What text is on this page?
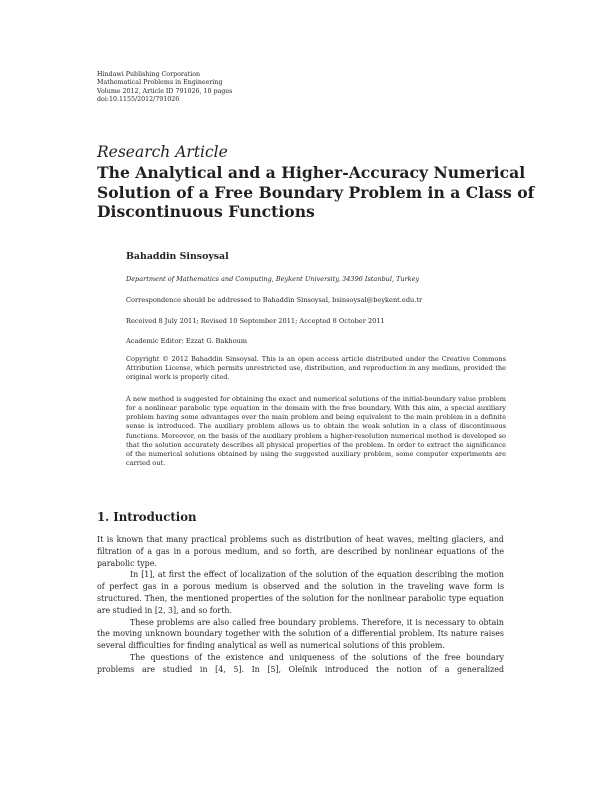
Hindawi Publishing Corporation
Mathematical Problems in Engineering
Volume 2012, Article ID 791026, 10 pages
doi:10.1155/2012/791026
Research Article
The Analytical and a Higher-Accuracy Numerical
Solution of a Free Boundary Problem in a Class of
Discontinuous Functions
Bahaddin Sinsoysal
Department of Mathematics and Computing, Beykent University, 34396 Istanbul, Turkey
Correspondence should be addressed to Bahaddin Sinsoysal, bsinsoysal@beykent.edu.tr
Received 8 July 2011; Revised 10 September 2011; Accepted 8 October 2011
Academic Editor: Ezzat G. Bakhoum
Copyright © 2012 Bahaddin Sinsoysal. This is an open access article distributed under the Creative Commons Attribution License, which permits unrestricted use, distribution, and reproduction in any medium, provided the original work is properly cited.
A new method is suggested for obtaining the exact and numerical solutions of the initial-boundary value problem for a nonlinear parabolic type equation in the domain with the free boundary. With this aim, a special auxiliary problem having some advantages over the main problem and being equivalent to the main problem in a definite sense is introduced. The auxiliary problem allows us to obtain the weak solution in a class of discontinuous functions. Moreover, on the basis of the auxiliary problem a higher-resolution numerical method is developed so that the solution accurately describes all physical properties of the problem. In order to extract the significance of the numerical solutions obtained by using the suggested auxiliary problem, some computer experiments are carried out.
1. Introduction

It is known that many practical problems such as distribution of heat waves, melting glaciers, and filtration of a gas in a porous medium, and so forth, are described by nonlinear equations of the parabolic type.

In [1], at first the effect of localization of the solution of the equation describing the motion of perfect gas in a porous medium is observed and the solution in the traveling wave form is structured. Then, the mentioned properties of the solution for the nonlinear parabolic type equation are studied in [2, 3], and so forth.

These problems are also called free boundary problems. Therefore, it is necessary to obtain the moving unknown boundary together with the solution of a differential problem. Its nature raises several difficulties for finding analytical as well as numerical solutions of this problem.

The questions of the existence and uniqueness of the solutions of the free boundary problems are studied in [4, 5]. In [5], Oleĭnik introduced the notion of a generalized
